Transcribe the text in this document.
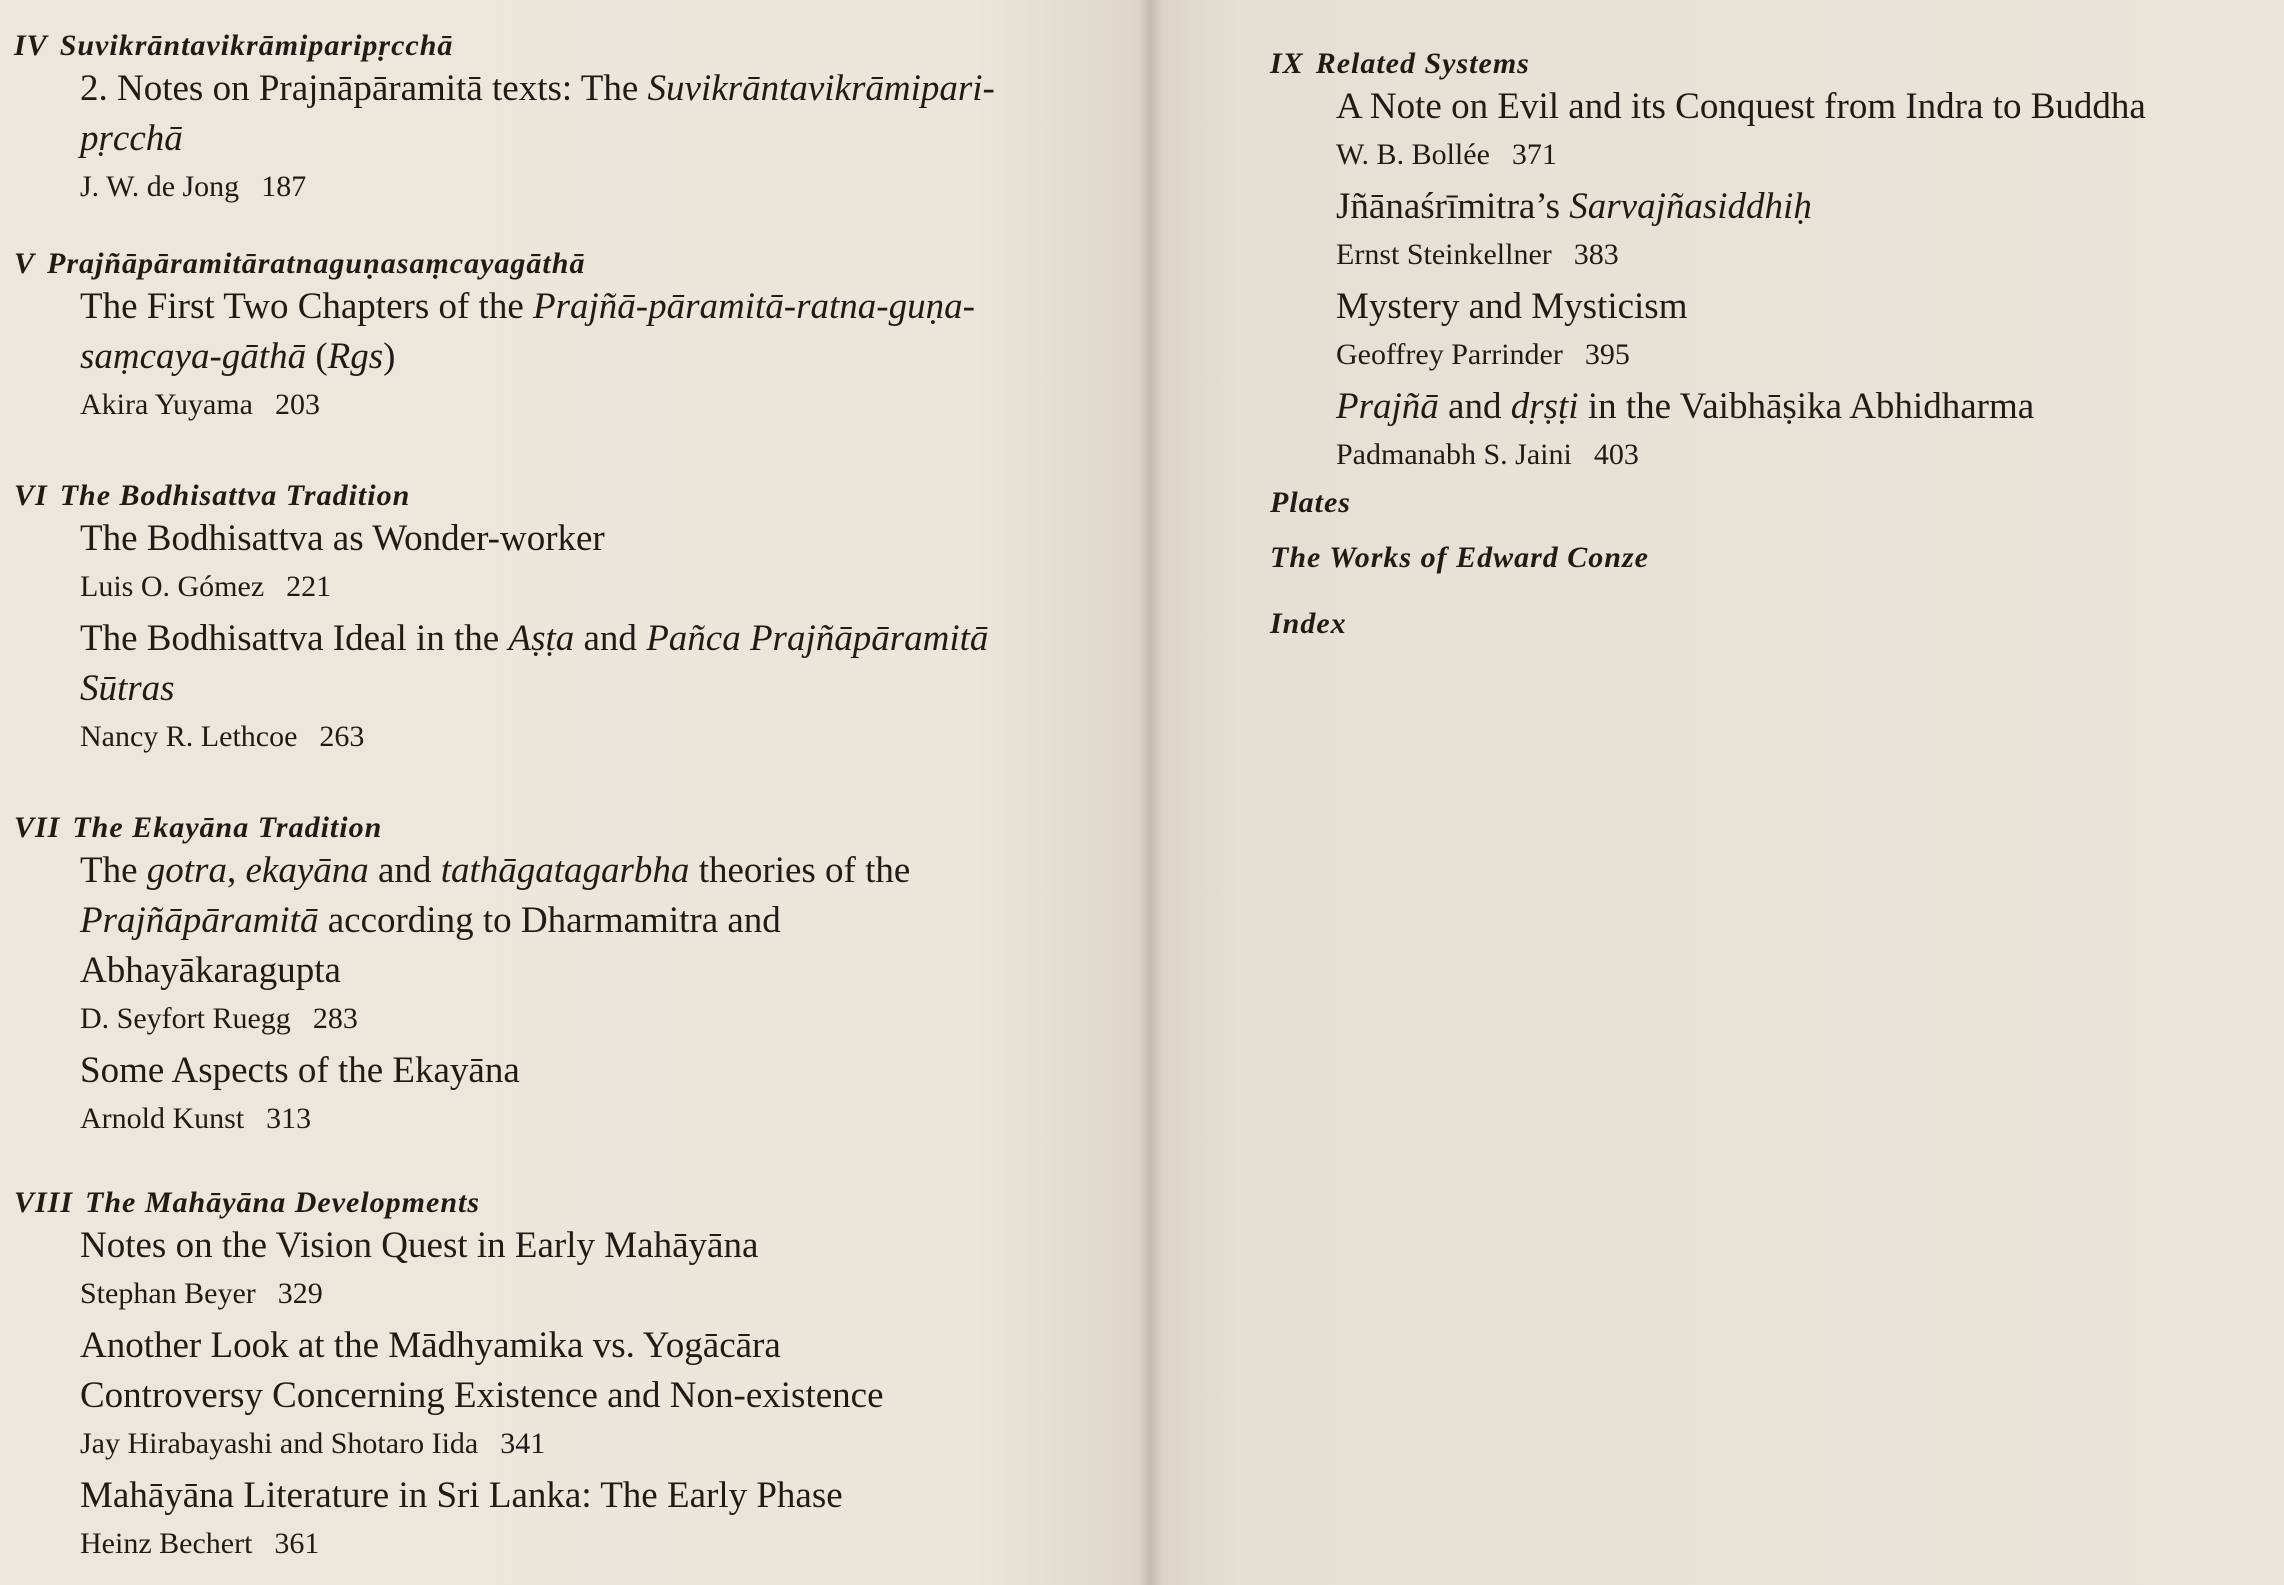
IV Suvikrāntavikrāmiparipṛcchā
2. Notes on Prajnāpāramitā texts: The Suvikrāntavikrāmipari-
pṛcchā
J. W. de Jong 187
V Prajñāpāramitāratnaguṇasaṃcayagāthā
The First Two Chapters of the Prajñā-pāramitā-ratna-guṇa-
saṃcaya-gāthā (Rgs)
Akira Yuyama 203
VI The Bodhisattva Tradition
The Bodhisattva as Wonder-worker
Luis O. Gómez 221
The Bodhisattva Ideal in the Aṣṭa and Pañca Prajñāpāramitā
Sūtras
Nancy R. Lethcoe 263
VII The Ekayāna Tradition
The gotra, ekayāna and tathāgatagarbha theories of the
Prajñāpāramitā according to Dharmamitra and
Abhayākaragupta
D. Seyfort Ruegg 283
Some Aspects of the Ekayāna
Arnold Kunst 313
VIII The Mahāyāna Developments
Notes on the Vision Quest in Early Mahāyāna
Stephan Beyer 329
Another Look at the Mādhyamika vs. Yogācāra
Controversy Concerning Existence and Non-existence
Jay Hirabayashi and Shotaro Iida 341
Mahāyāna Literature in Sri Lanka: The Early Phase
Heinz Bechert 361
IX Related Systems
A Note on Evil and its Conquest from Indra to Buddha
W. B. Bollée 371
Jñānaśrīmitra’s Sarvajñasiddhiḥ
Ernst Steinkellner 383
Mystery and Mysticism
Geoffrey Parrinder 395
Prajñā and dṛṣṭi in the Vaibhāṣika Abhidharma
Padmanabh S. Jaini 403
Plates
The Works of Edward Conze
Index
